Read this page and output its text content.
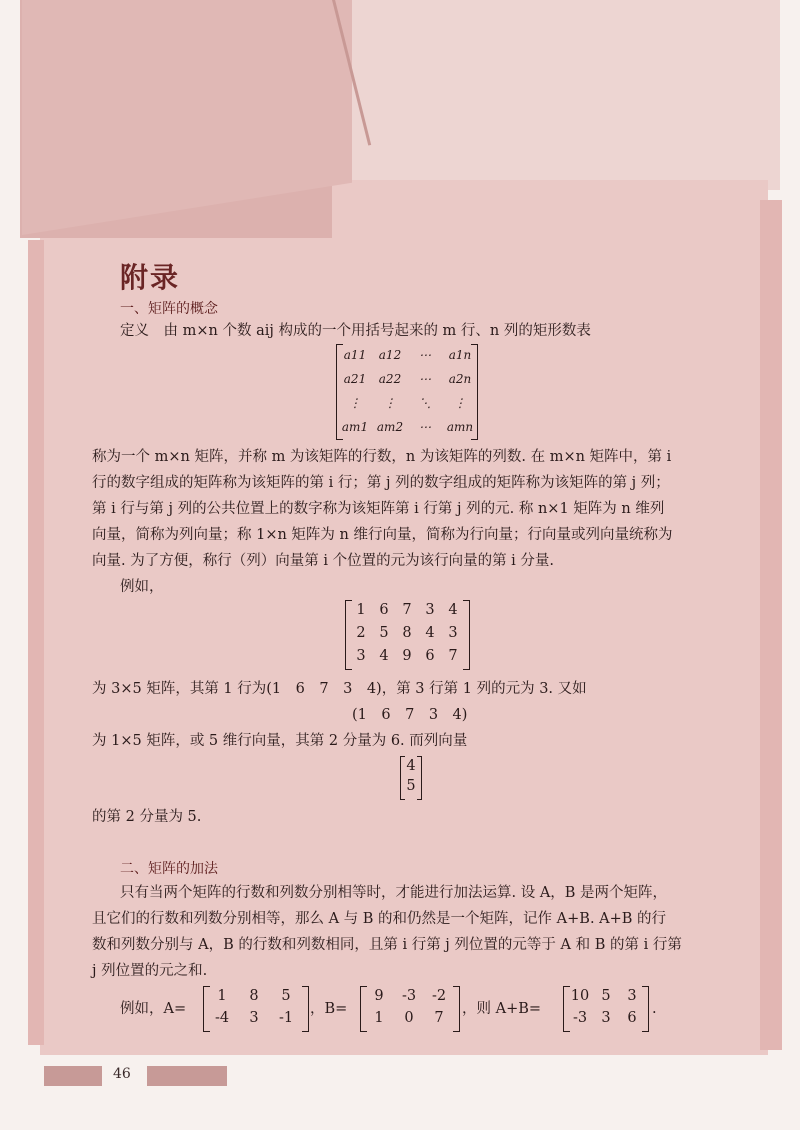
附录
一、矩阵的概念
定义　由 m×n 个数 aij 构成的一个用括号起来的 m 行、n 列的矩形数表
a11	a12	⋯	a1n
a21	a22	⋯	a2n
⋮	⋮	⋱	⋮
am1 am2	⋯	amn
称为一个 m×n 矩阵，并称 m 为该矩阵的行数，n 为该矩阵的列数. 在 m×n 矩阵中，第 i
行的数字组成的矩阵称为该矩阵的第 i 行；第 j 列的数字组成的矩阵称为该矩阵的第 j 列；
第 i 行与第 j 列的公共位置上的数字称为该矩阵第 i 行第 j 列的元. 称 n×1 矩阵为 n 维列
向量，简称为列向量；称 1×n 矩阵为 n 维行向量，简称为行向量；行向量或列向量统称为
向量. 为了方便，称行（列）向量第 i 个位置的元为该行向量的第 i 分量.
例如，
1 6 7 3 4
2 5 8 4 3
3 4 9 6 7
为 3×5 矩阵，其第 1 行为(1　6　7　3　4)，第 3 行第 1 列的元为 3. 又如
(1　6　7　3　4)
为 1×5 矩阵，或 5 维行向量，其第 2 分量为 6. 而列向量
4
5
的第 2 分量为 5.
二、矩阵的加法
只有当两个矩阵的行数和列数分别相等时，才能进行加法运算. 设 A，B 是两个矩阵，
且它们的行数和列数分别相等，那么 A 与 B 的和仍然是一个矩阵，记作 A+B. A+B 的行
数和列数分别与 A，B 的行数和列数相同，且第 i 行第 j 列位置的元等于 A 和 B 的第 i 行第
j 列位置的元之和.
例如，A=
1	8	5
-4	3	-1
，B=
9	-3	-2
1	0	7
，则 A+B=
10 5	3
-3 3	6
.
46
